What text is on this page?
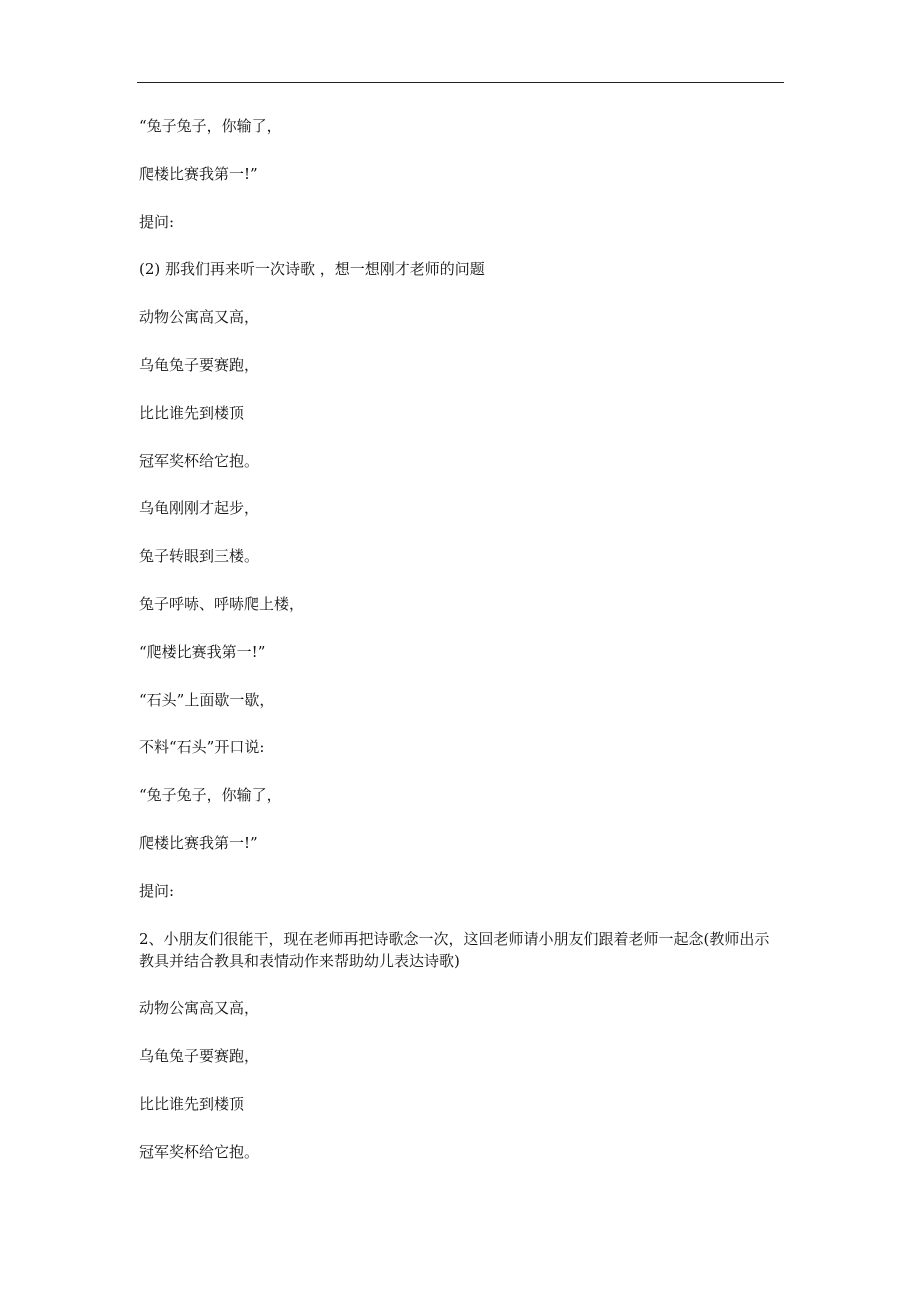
“兔子兔子，你输了，

爬楼比赛我第一!”

提问:

(2) 那我们再来听一次诗歌 ，想一想刚才老师的问题

动物公寓高又高，

乌龟兔子要赛跑，

比比谁先到楼顶

冠军奖杯给它抱。

乌龟刚刚才起步，

兔子转眼到三楼。

兔子呼哧、呼哧爬上楼，

“爬楼比赛我第一!”

“石头”上面歇一歇，

不料“石头”开口说:

“兔子兔子，你输了，

爬楼比赛我第一!”

提问:

2、小朋友们很能干，现在老师再把诗歌念一次，这回老师请小朋友们跟着老师一起念(教师出示教具并结合教具和表情动作来帮助幼儿表达诗歌)

动物公寓高又高，

乌龟兔子要赛跑，

比比谁先到楼顶

冠军奖杯给它抱。
